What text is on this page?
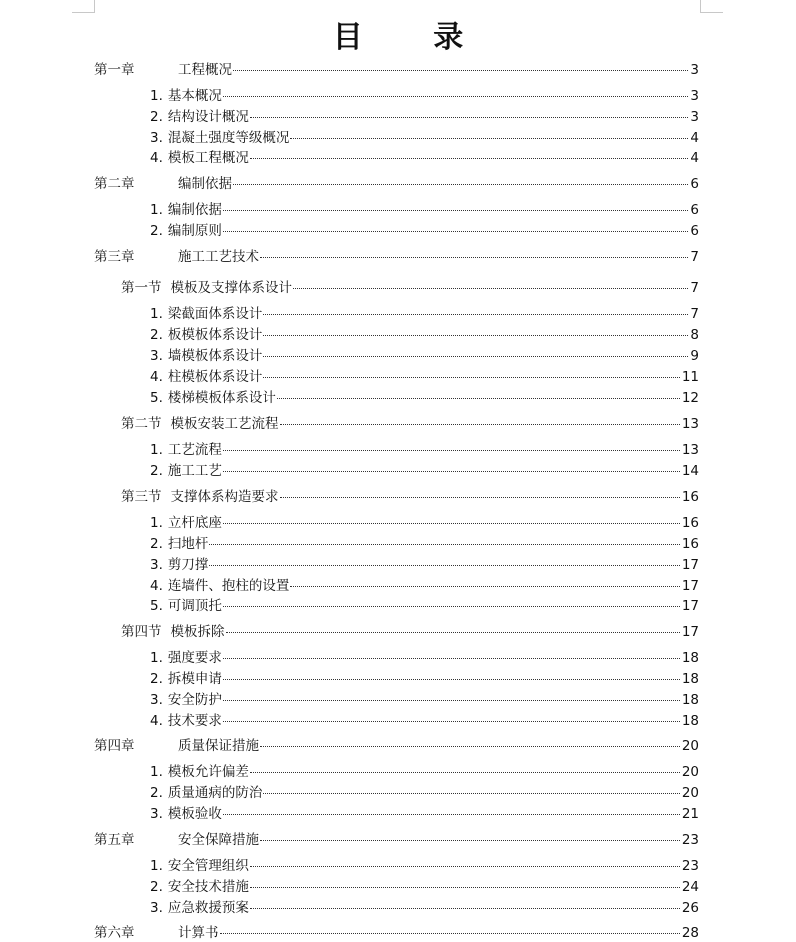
目 录
第一章	工程概况	3
1. 基本概况	3
2. 结构设计概况	3
3. 混凝土强度等级概况	4
4. 模板工程概况	4
第二章	编制依据	6
1. 编制依据	6
2. 编制原则	6
第三章	施工工艺技术	7
第一节 模板及支撑体系设计	7
1. 梁截面体系设计	7
2. 板模板体系设计	8
3. 墙模板体系设计	9
4. 柱模板体系设计	11
5. 楼梯模板体系设计	12
第二节 模板安装工艺流程	13
1. 工艺流程	13
2. 施工工艺	14
第三节 支撑体系构造要求	16
1. 立杆底座	16
2. 扫地杆	16
3. 剪刀撑	17
4. 连墙件、抱柱的设置	17
5. 可调顶托	17
第四节 模板拆除	17
1. 强度要求	18
2. 拆模申请	18
3. 安全防护	18
4. 技术要求	18
第四章	质量保证措施	20
1. 模板允许偏差	20
2. 质量通病的防治	20
3. 模板验收	21
第五章	安全保障措施	23
1. 安全管理组织	23
2. 安全技术措施	24
3. 应急救援预案	26
第六章	计算书	28
